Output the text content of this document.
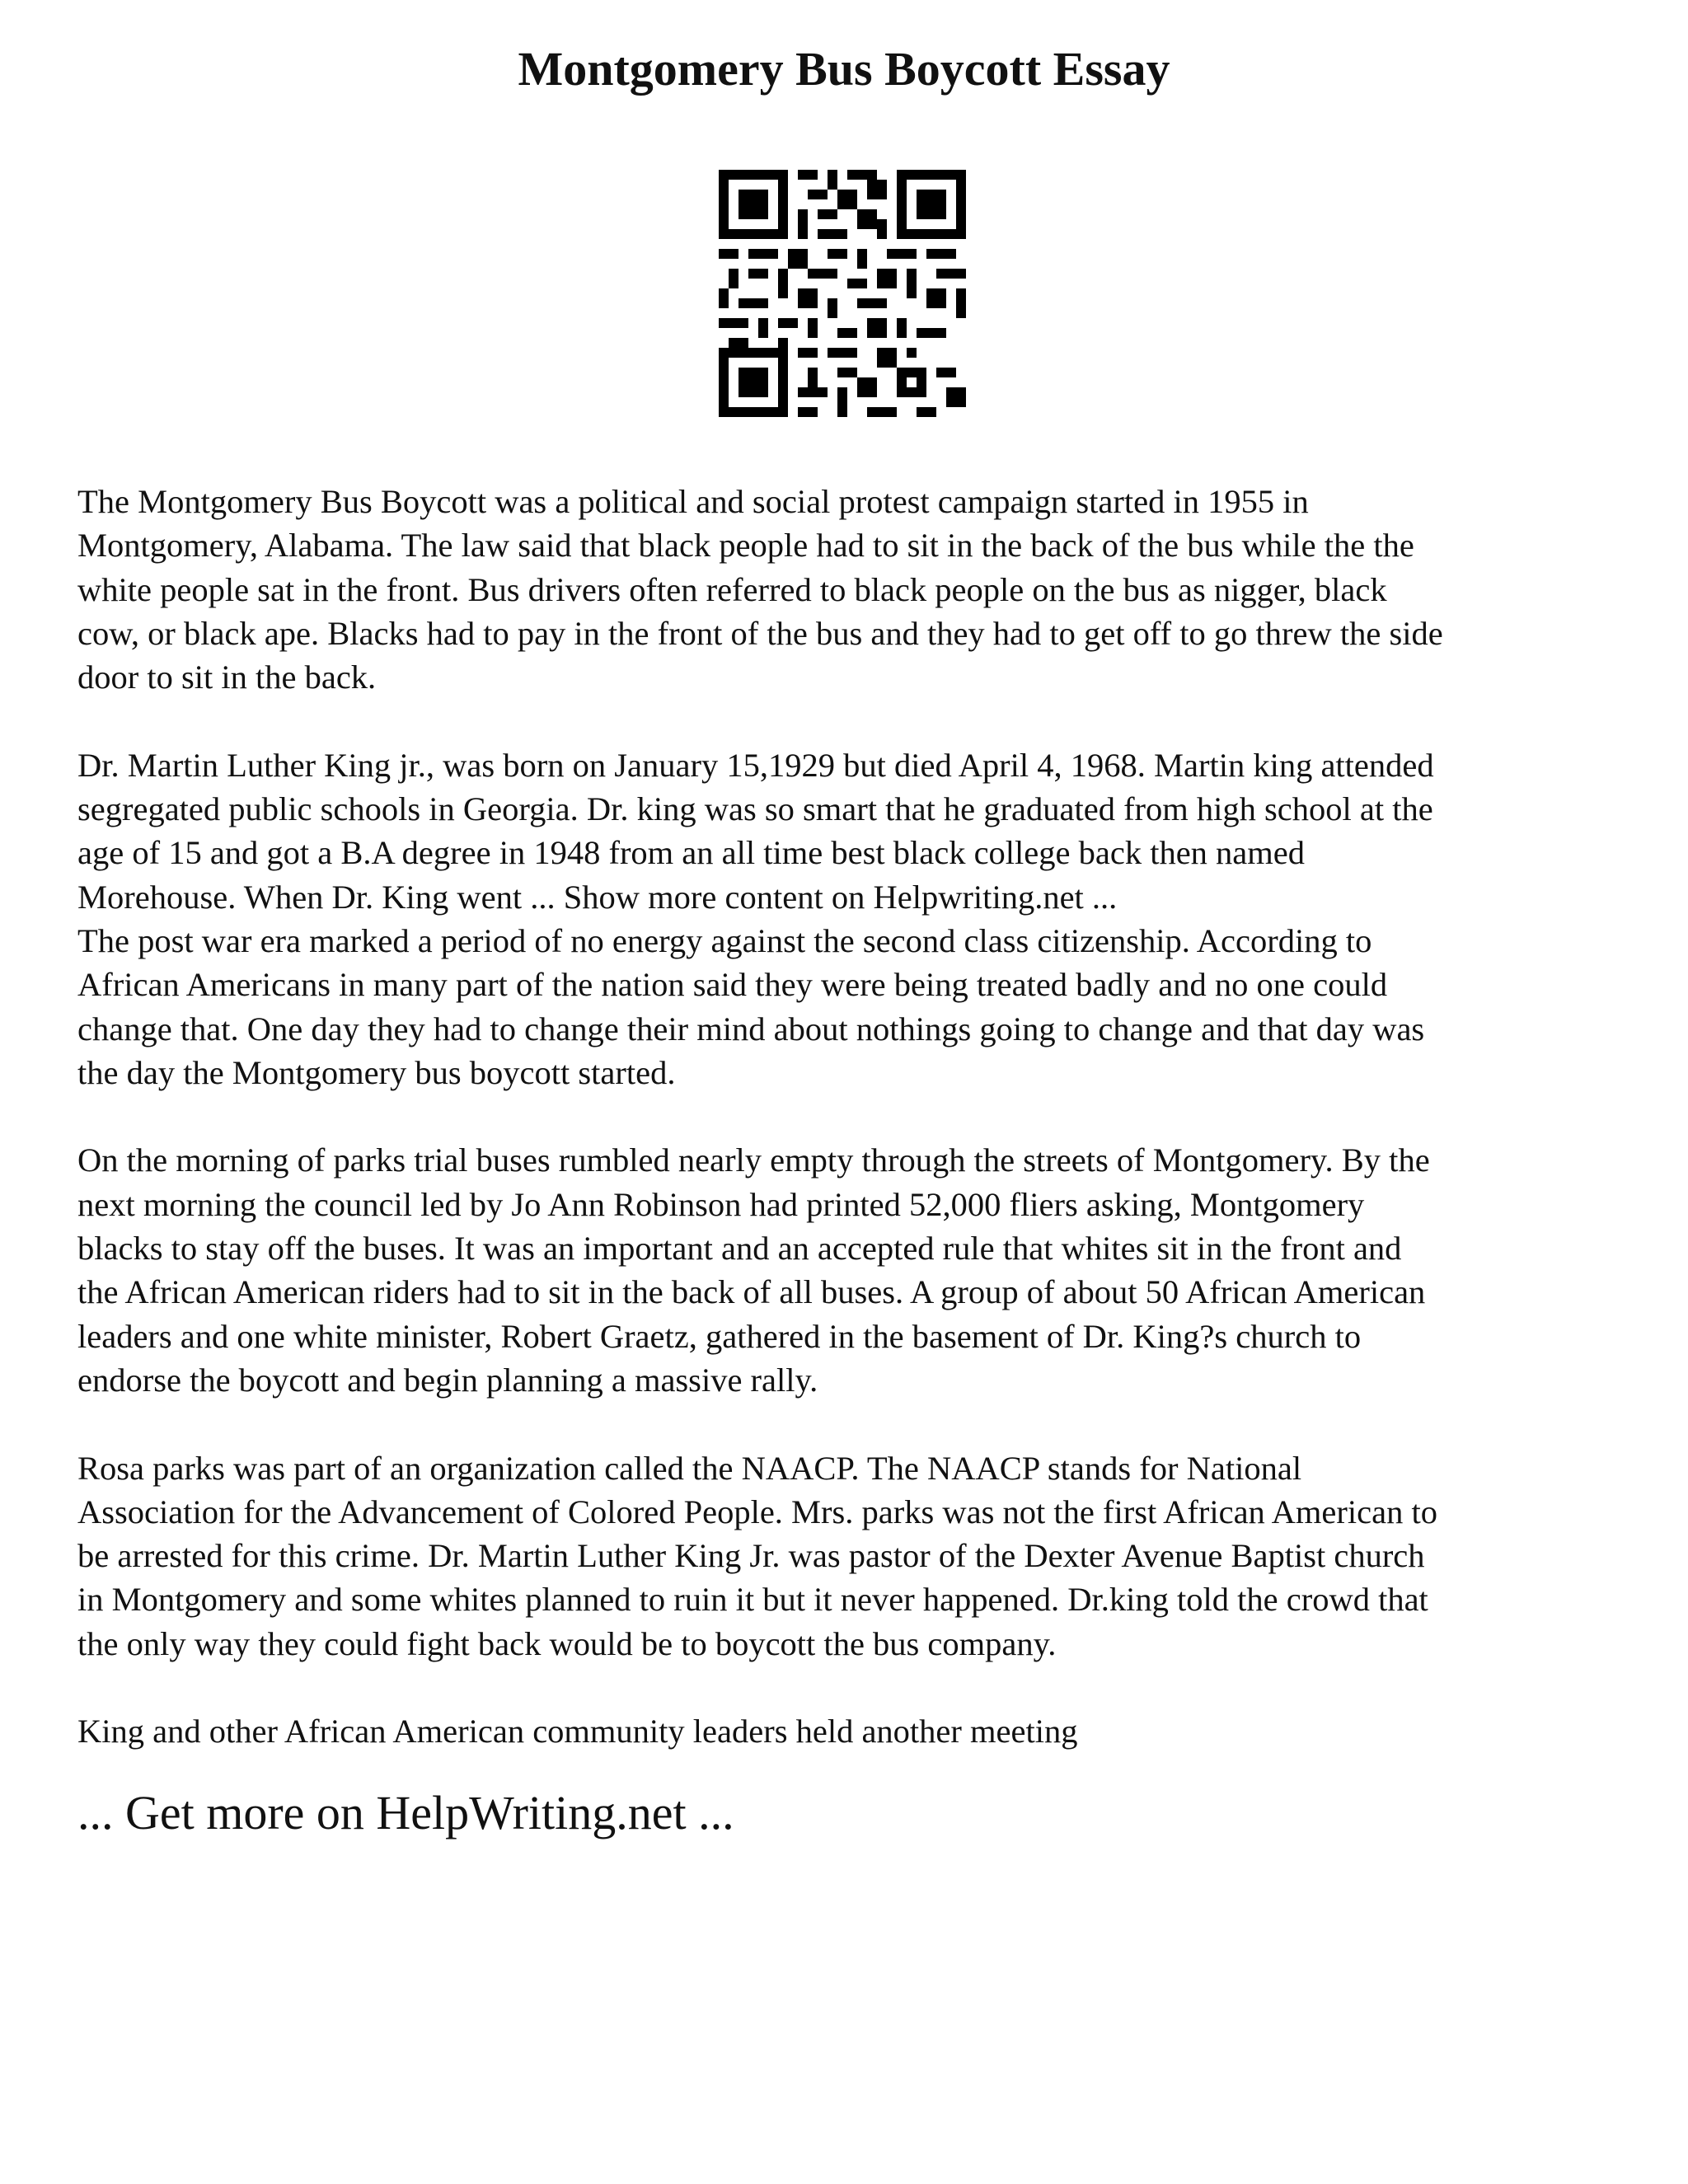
Montgomery Bus Boycott Essay

The Montgomery Bus Boycott was a political and social protest campaign started in 1955 in
Montgomery, Alabama. The law said that black people had to sit in the back of the bus while the the
white people sat in the front. Bus drivers often referred to black people on the bus as nigger, black
cow, or black ape. Blacks had to pay in the front of the bus and they had to get off to go threw the side
door to sit in the back.

Dr. Martin Luther King jr., was born on January 15,1929 but died April 4, 1968. Martin king attended
segregated public schools in Georgia. Dr. king was so smart that he graduated from high school at the
age of 15 and got a B.A degree in 1948 from an all time best black college back then named
Morehouse. When Dr. King went ... Show more content on Helpwriting.net ...
The post war era marked a period of no energy against the second class citizenship. According to
African Americans in many part of the nation said they were being treated badly and no one could
change that. One day they had to change their mind about nothings going to change and that day was
the day the Montgomery bus boycott started.

On the morning of parks trial buses rumbled nearly empty through the streets of Montgomery. By the
next morning the council led by Jo Ann Robinson had printed 52,000 fliers asking, Montgomery
blacks to stay off the buses. It was an important and an accepted rule that whites sit in the front and
the African American riders had to sit in the back of all buses. A group of about 50 African American
leaders and one white minister, Robert Graetz, gathered in the basement of Dr. King?s church to
endorse the boycott and begin planning a massive rally.

Rosa parks was part of an organization called the NAACP. The NAACP stands for National
Association for the Advancement of Colored People. Mrs. parks was not the first African American to
be arrested for this crime. Dr. Martin Luther King Jr. was pastor of the Dexter Avenue Baptist church
in Montgomery and some whites planned to ruin it but it never happened. Dr.king told the crowd that
the only way they could fight back would be to boycott the bus company.

King and other African American community leaders held another meeting

... Get more on HelpWriting.net ...
